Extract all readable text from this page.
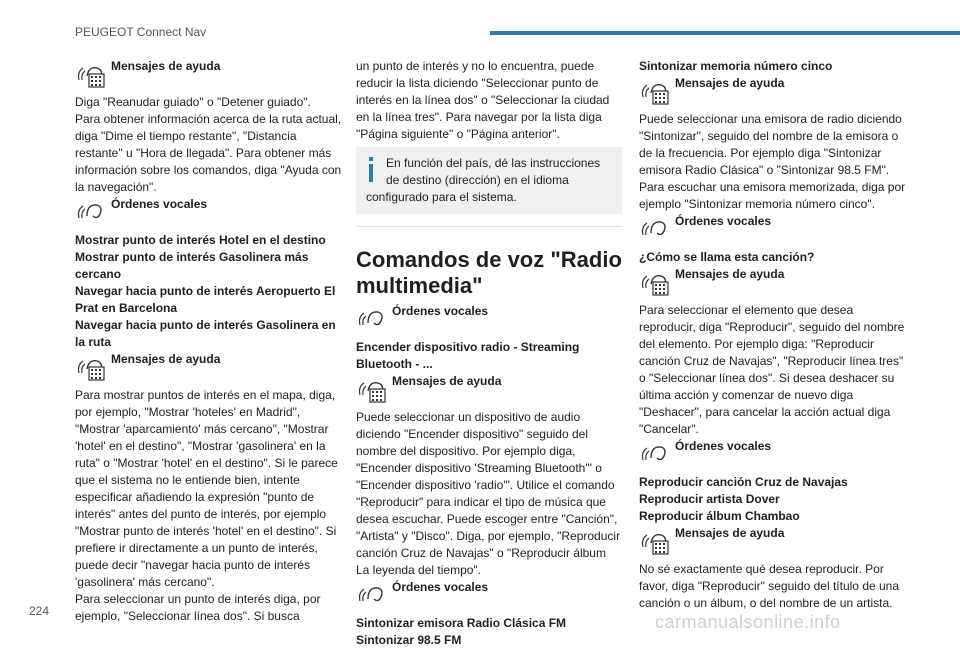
PEUGEOT Connect Nav
Mensajes de ayuda

Diga "Reanudar guiado" o "Detener guiado".
Para obtener información acerca de la ruta actual, diga "Dime el tiempo restante", "Distancia restante" u "Hora de llegada". Para obtener más información sobre los comandos, diga "Ayuda con la navegación".

Órdenes vocales

Mostrar punto de interés Hotel en el destino
Mostrar punto de interés Gasolinera más cercano
Navegar hacia punto de interés Aeropuerto El Prat en Barcelona
Navegar hacia punto de interés Gasolinera en la ruta

Mensajes de ayuda

Para mostrar puntos de interés en el mapa, diga, por ejemplo, "Mostrar 'hoteles' en Madrid", "Mostrar 'aparcamiento' más cercano", "Mostrar 'hotel' en el destino", "Mostrar 'gasolinera' en la ruta" o "Mostrar 'hotel' en el destino". Si le parece que el sistema no le entiende bien, intente especificar añadiendo la expresión "punto de interés" antes del punto de interés, por ejemplo "Mostrar punto de interés 'hotel' en el destino". Si prefiere ir directamente a un punto de interés, puede decir "navegar hacia punto de interés 'gasolinera' más cercano".
Para seleccionar un punto de interés diga, por ejemplo, "Seleccionar línea dos". Si busca

un punto de interés y no lo encuentra, puede reducir la lista diciendo "Seleccionar punto de interés en la línea dos" o "Seleccionar la ciudad en la línea tres". Para navegar por la lista diga "Página siguiente" o "Página anterior".

En función del país, dé las instrucciones de destino (dirección) en el idioma configurado para el sistema.
Comandos de voz "Radio multimedia"
Órdenes vocales

Encender dispositivo radio - Streaming Bluetooth - ...

Mensajes de ayuda

Puede seleccionar un dispositivo de audio diciendo "Encender dispositivo" seguido del nombre del dispositivo. Por ejemplo diga, "Encender dispositivo 'Streaming Bluetooth'" o "Encender dispositivo 'radio'". Utilice el comando "Reproducir" para indicar el tipo de música que desea escuchar. Puede escoger entre "Canción", "Artista" y "Disco". Diga, por ejemplo, "Reproducir canción Cruz de Navajas" o "Reproducir álbum La leyenda del tiempo".

Órdenes vocales

Sintonizar emisora Radio Clásica FM
Sintonizar 98.5 FM

Sintonizar memoria número cinco

Mensajes de ayuda

Puede seleccionar una emisora de radio diciendo "Sintonizar", seguido del nombre de la emisora o de la frecuencia. Por ejemplo diga "Sintonizar emisora Radio Clásica" o "Sintonizar 98.5 FM". Para escuchar una emisora memorizada, diga por ejemplo "Sintonizar memoria número cinco".

Órdenes vocales

¿Cómo se llama esta canción?

Mensajes de ayuda

Para seleccionar el elemento que desea reproducir, diga "Reproducir", seguido del nombre del elemento. Por ejemplo diga: "Reproducir canción Cruz de Navajas", "Reproducir línea tres" o "Seleccionar línea dos". Si desea deshacer su última acción y comenzar de nuevo diga "Deshacer", para cancelar la acción actual diga "Cancelar".

Órdenes vocales

Reproducir canción Cruz de Navajas
Reproducir artista Dover
Reproducir álbum Chambao

Mensajes de ayuda

No sé exactamente qué desea reproducir. Por favor, diga "Reproducir" seguido del título de una canción o un álbum, o del nombre de un artista.

224
carmanualsonline.info
